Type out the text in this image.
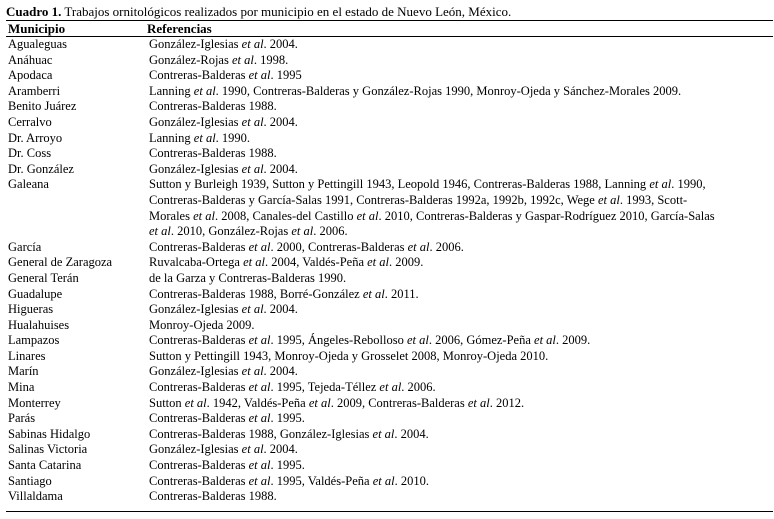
Cuadro 1. Trabajos ornitológicos realizados por municipio en el estado de Nuevo León, México.
Municipio	Referencias
Agualeguas	González-Iglesias et al. 2004.

Anáhuac	González-Rojas et al. 1998.

Apodaca	Contreras-Balderas et al. 1995

Aramberri	Lanning et al. 1990, Contreras-Balderas y González-Rojas 1990, Monroy-Ojeda y Sánchez-Morales 2009.

Benito Juárez	Contreras-Balderas 1988.

Cerralvo	González-Iglesias et al. 2004.

Dr. Arroyo	Lanning et al. 1990.

Dr. Coss	Contreras-Balderas 1988.

Dr. González	González-Iglesias et al. 2004.

Galeana	Sutton y Burleigh 1939, Sutton y Pettingill 1943, Leopold 1946, Contreras-Balderas 1988, Lanning et al. 1990,
Contreras-Balderas y García-Salas 1991, Contreras-Balderas 1992a, 1992b, 1992c, Wege et al. 1993, Scott-
Morales et al. 2008, Canales-del Castillo et al. 2010, Contreras-Balderas y Gaspar-Rodríguez 2010, García-Salas
et al. 2010, González-Rojas et al. 2006.

García	Contreras-Balderas et al. 2000, Contreras-Balderas et al. 2006.

General de Zaragoza	Ruvalcaba-Ortega et al. 2004, Valdés-Peña et al. 2009.

General Terán	de la Garza y Contreras-Balderas 1990.

Guadalupe	Contreras-Balderas 1988, Borré-González et al. 2011.

Higueras	González-Iglesias et al. 2004.

Hualahuises	Monroy-Ojeda 2009.

Lampazos	Contreras-Balderas et al. 1995, Ángeles-Rebolloso et al. 2006, Gómez-Peña et al. 2009.

Linares	Sutton y Pettingill 1943, Monroy-Ojeda y Grosselet 2008, Monroy-Ojeda 2010.

Marín	González-Iglesias et al. 2004.

Mina	Contreras-Balderas et al. 1995, Tejeda-Téllez et al. 2006.

Monterrey	Sutton et al. 1942, Valdés-Peña et al. 2009, Contreras-Balderas et al. 2012.

Parás	Contreras-Balderas et al. 1995.

Sabinas Hidalgo	Contreras-Balderas 1988, González-Iglesias et al. 2004.

Salinas Victoria	González-Iglesias et al. 2004.

Santa Catarina	Contreras-Balderas et al. 1995.

Santiago	Contreras-Balderas et al. 1995, Valdés-Peña et al. 2010.

Villaldama	Contreras-Balderas 1988.
